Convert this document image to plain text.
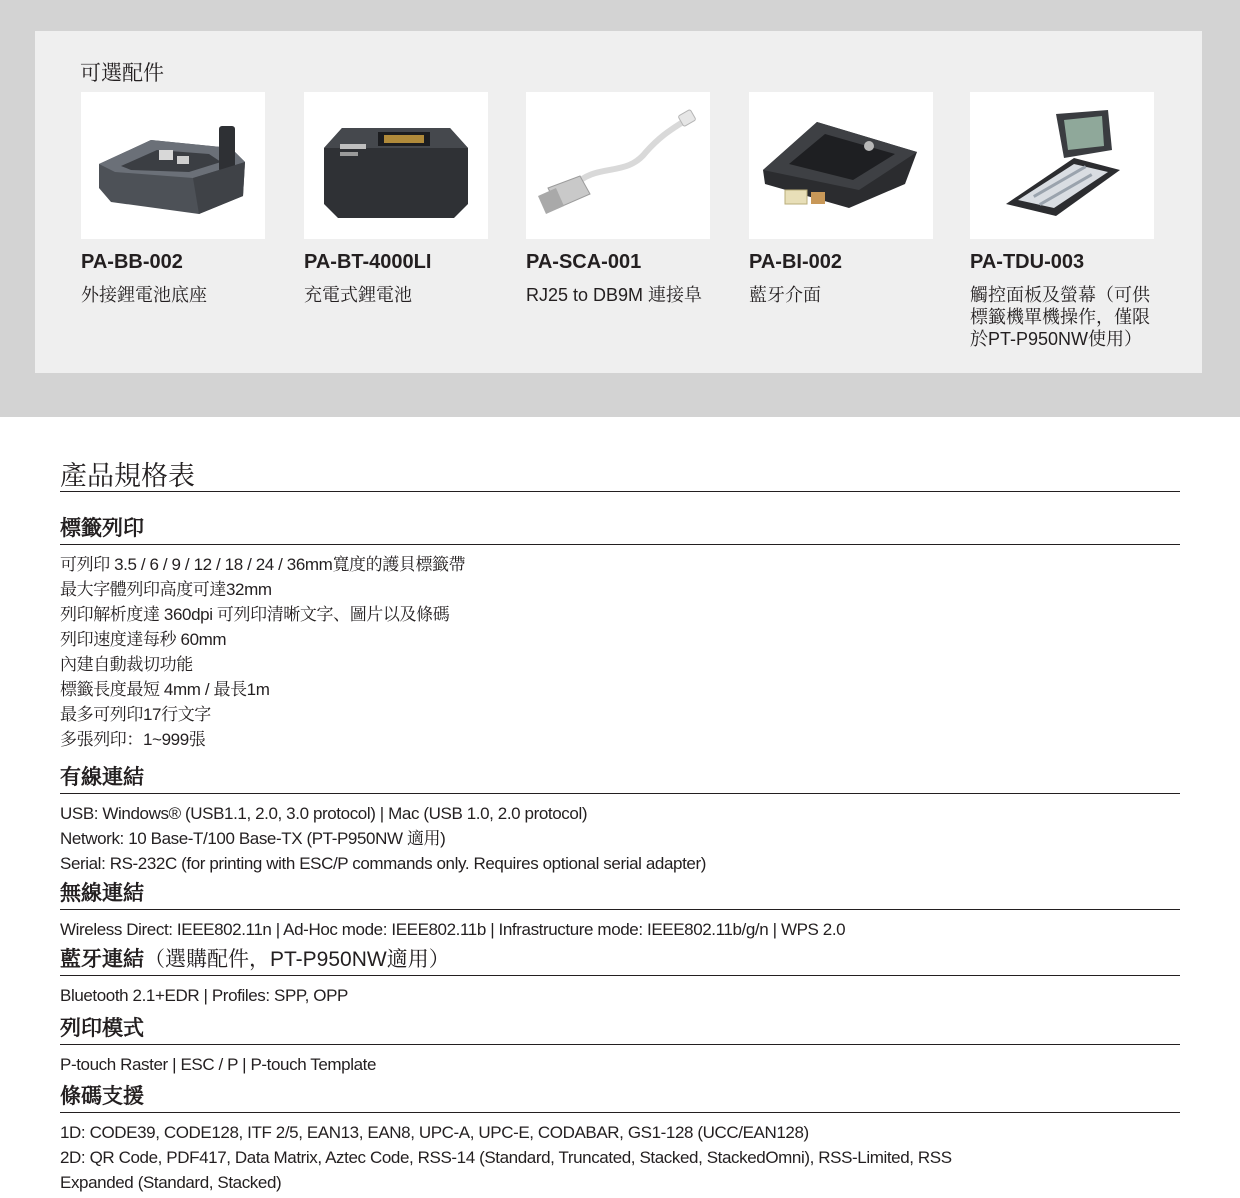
可選配件
PA-BB-002
外接鋰電池底座
PA-BT-4000LI
充電式鋰電池
PA-SCA-001
RJ25 to DB9M 連接阜
PA-BI-002
藍牙介面
PA-TDU-003
觸控面板及螢幕（可供標籤機單機操作，僅限於PT-P950NW使用）
產品規格表
標籤列印
可列印 3.5 / 6 / 9 / 12 / 18 / 24 / 36mm寬度的護貝標籤帶
最大字體列印高度可達32mm
列印解析度達 360dpi 可列印清晰文字、圖片以及條碼
列印速度達每秒 60mm
內建自動裁切功能
標籤長度最短 4mm / 最長1m
最多可列印17行文字
多張列印：1~999張
有線連結
USB: Windows® (USB1.1, 2.0, 3.0 protocol) | Mac (USB 1.0, 2.0 protocol)
Network: 10 Base-T/100 Base-TX (PT-P950NW 適用)
Serial: RS-232C (for printing with ESC/P commands only. Requires optional serial adapter)
無線連結
Wireless Direct: IEEE802.11n | Ad-Hoc mode: IEEE802.11b | Infrastructure mode: IEEE802.11b/g/n | WPS 2.0
藍牙連結（選購配件，PT-P950NW適用）
Bluetooth 2.1+EDR | Profiles: SPP, OPP
列印模式
P-touch Raster | ESC / P | P-touch Template
條碼支援
1D: CODE39, CODE128, ITF 2/5, EAN13, EAN8, UPC-A, UPC-E, CODABAR, GS1-128 (UCC/EAN128)
2D: QR Code, PDF417, Data Matrix, Aztec Code, RSS-14 (Standard, Truncated, Stacked, StackedOmni), RSS-Limited, RSS
Expanded (Standard, Stacked)
